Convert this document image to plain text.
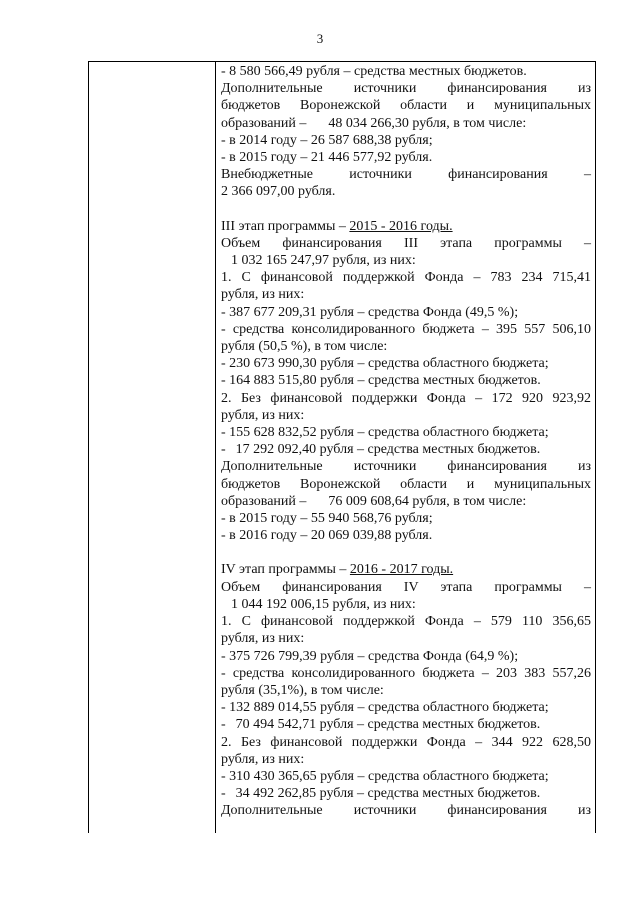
3

- 8 580 566,49 рубля – средства местных бюджетов.

Дополнительные источники финансирования из

бюджетов Воронежской области и муниципальных

образований – 48 034 266,30 рубля, в том числе:

- в 2014 году – 26 587 688,38 рубля;

- в 2015 году – 21 446 577,92 рубля.

Внебюджетные источники финансирования –

2 366 097,00 рубля.

III этап программы – 2015 - 2016 годы.

Объем финансирования III этапа программы –

1 032 165 247,97 рубля, из них:

1. С финансовой поддержкой Фонда – 783 234 715,41

рубля, из них:

- 387 677 209,31 рубля – средства Фонда (49,5 %);

- средства консолидированного бюджета – 395 557 506,10

рубля (50,5 %), в том числе:

- 230 673 990,30 рубля – средства областного бюджета;

- 164 883 515,80 рубля – средства местных бюджетов.

2. Без финансовой поддержки Фонда – 172 920 923,92

рубля, из них:

- 155 628 832,52 рубля – средства областного бюджета;

- 17 292 092,40 рубля – средства местных бюджетов.

Дополнительные источники финансирования из

бюджетов Воронежской области и муниципальных

образований – 76 009 608,64 рубля, в том числе:

- в 2015 году – 55 940 568,76 рубля;

- в 2016 году – 20 069 039,88 рубля.

IV этап программы – 2016 - 2017 годы.

Объем финансирования IV этапа программы –

1 044 192 006,15 рубля, из них:

1. С финансовой поддержкой Фонда – 579 110 356,65

рубля, из них:

- 375 726 799,39 рубля – средства Фонда (64,9 %);

- средства консолидированного бюджета – 203 383 557,26

рубля (35,1%), в том числе:

- 132 889 014,55 рубля – средства областного бюджета;

- 70 494 542,71 рубля – средства местных бюджетов.

2. Без финансовой поддержки Фонда – 344 922 628,50

рубля, из них:

- 310 430 365,65 рубля – средства областного бюджета;

- 34 492 262,85 рубля – средства местных бюджетов.

Дополнительные источники финансирования из
